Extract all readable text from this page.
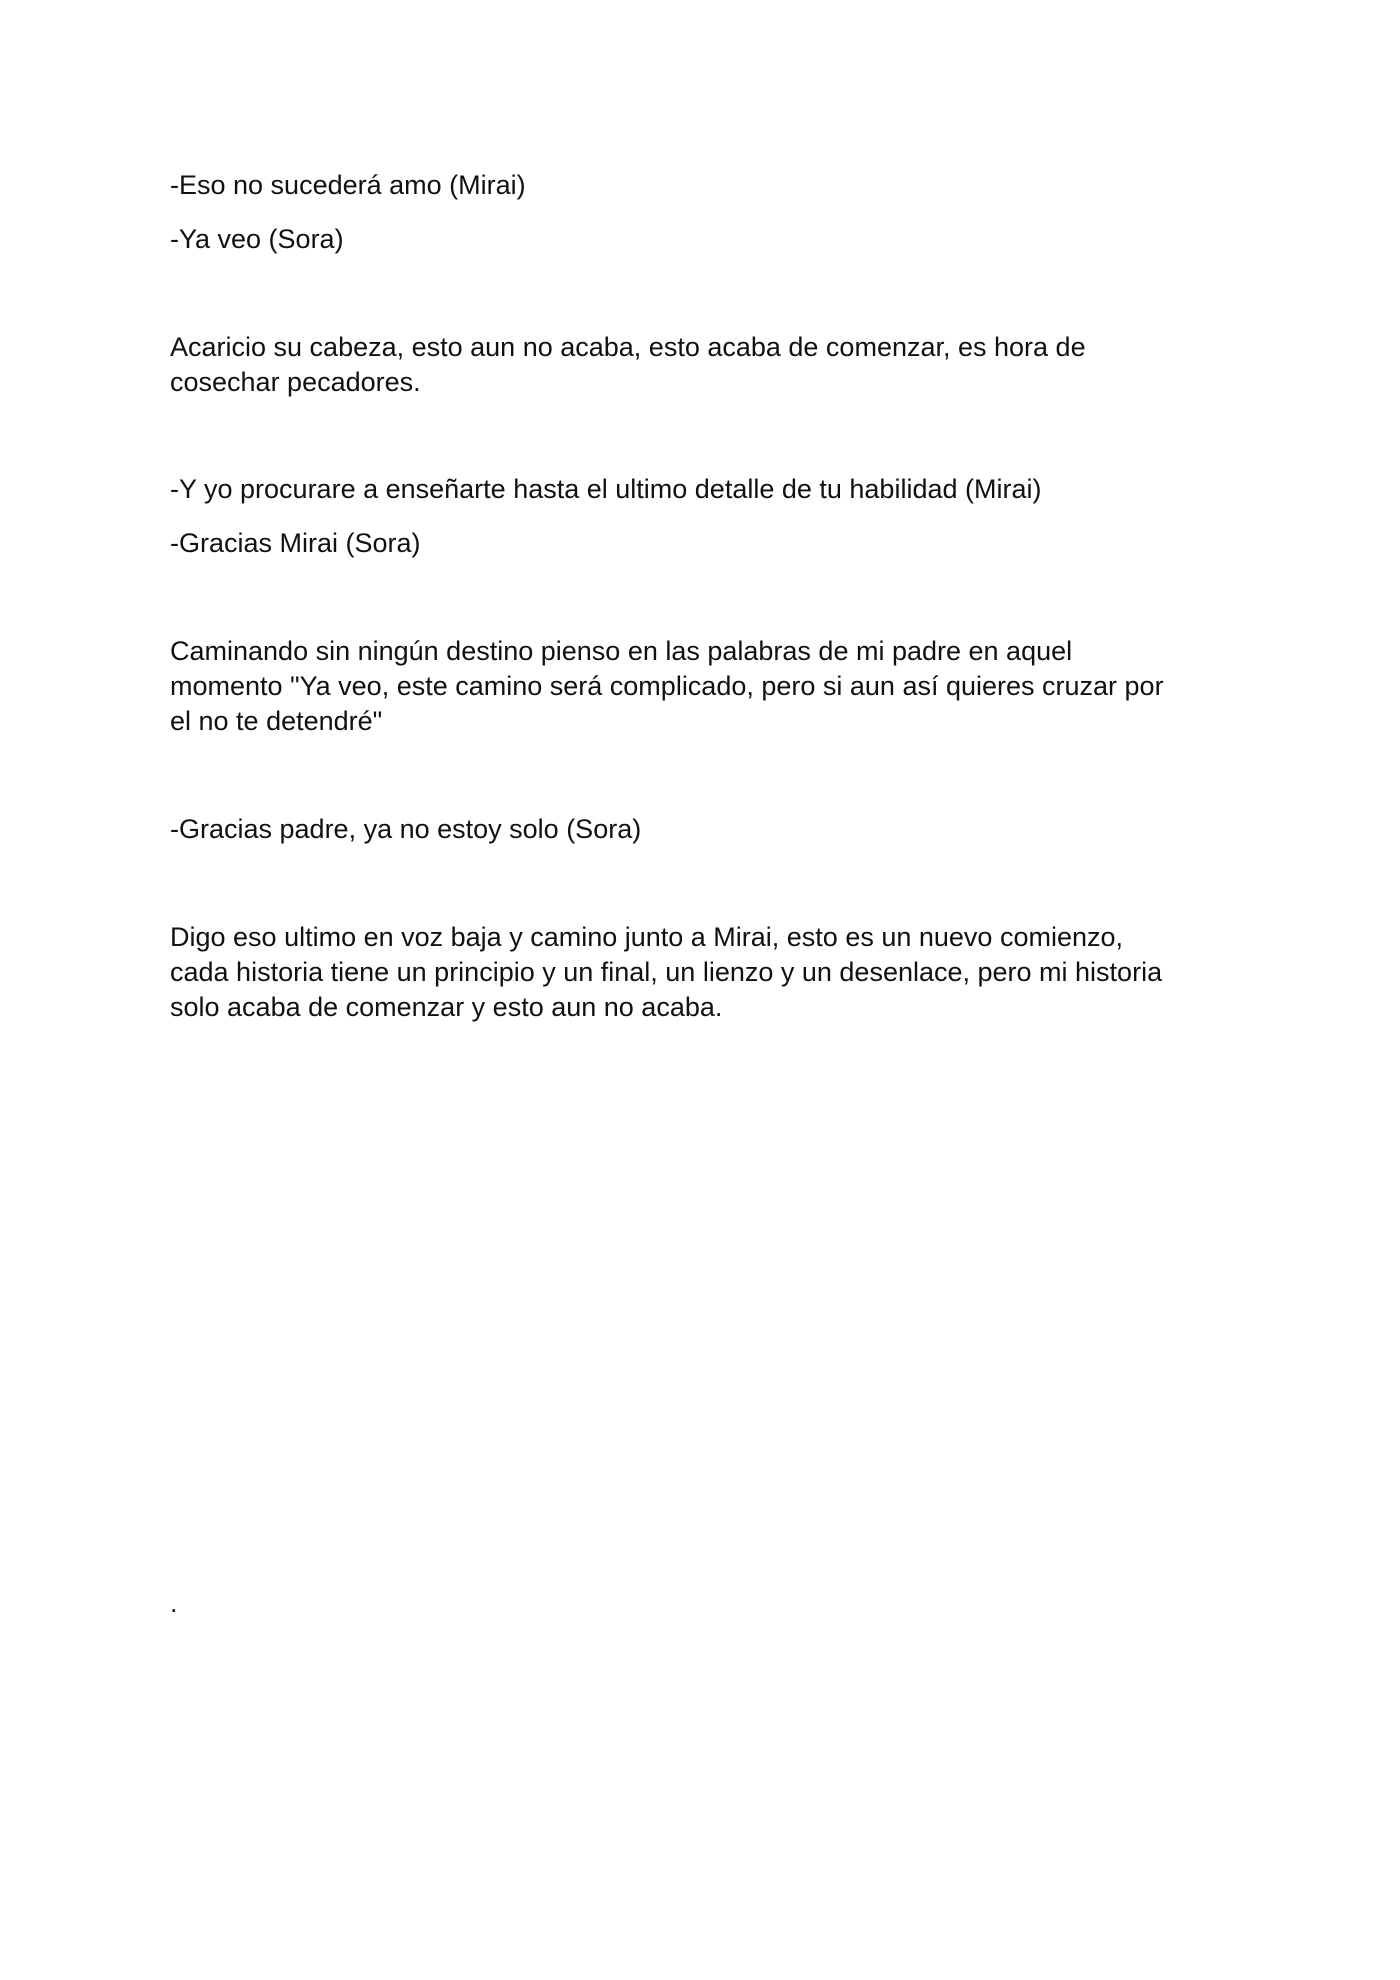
-Eso no sucederá amo (Mirai)

-Ya veo (Sora)

Acaricio su cabeza, esto aun no acaba, esto acaba de comenzar, es hora de
cosechar pecadores.

-Y yo procurare a enseñarte hasta el ultimo detalle de tu habilidad (Mirai)

-Gracias Mirai (Sora)

Caminando sin ningún destino pienso en las palabras de mi padre en aquel
momento "Ya veo, este camino será complicado, pero si aun así quieres cruzar por
el no te detendré"

-Gracias padre, ya no estoy solo (Sora)

Digo eso ultimo en voz baja y camino junto a Mirai, esto es un nuevo comienzo,
cada historia tiene un principio y un final, un lienzo y un desenlace, pero mi historia
solo acaba de comenzar y esto aun no acaba.

.
